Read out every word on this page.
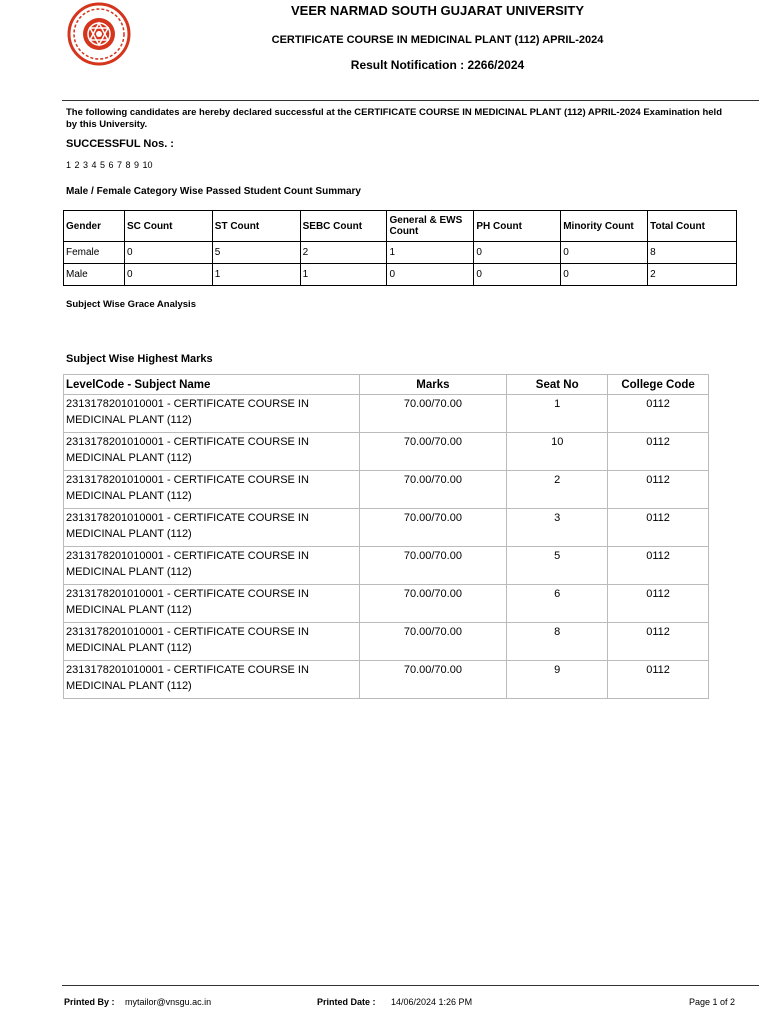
VEER NARMAD SOUTH GUJARAT UNIVERSITY
CERTIFICATE COURSE IN MEDICINAL PLANT (112) APRIL-2024
Result Notification : 2266/2024
The following candidates are hereby declared successful at the CERTIFICATE COURSE IN MEDICINAL PLANT (112) APRIL-2024 Examination held by this University.
SUCCESSFUL Nos. :
1 2 3 4 5 6 7 8 9 10
Male / Female Category Wise Passed Student Count Summary
Gender	SC Count	ST Count	SEBC Count	General & EWS Count	PH Count	Minority Count	Total Count
Female	0	5	2	1	0	0	8
Male	0	1	1	0	0	0	2
Subject Wise Grace Analysis
Subject Wise Highest Marks
LevelCode - Subject Name	Marks	Seat No	College Code
2313178201010001 - CERTIFICATE COURSE IN MEDICINAL PLANT (112)	70.00/70.00	1	0112
2313178201010001 - CERTIFICATE COURSE IN MEDICINAL PLANT (112)	70.00/70.00	10	0112
2313178201010001 - CERTIFICATE COURSE IN MEDICINAL PLANT (112)	70.00/70.00	2	0112
2313178201010001 - CERTIFICATE COURSE IN MEDICINAL PLANT (112)	70.00/70.00	3	0112
2313178201010001 - CERTIFICATE COURSE IN MEDICINAL PLANT (112)	70.00/70.00	5	0112
2313178201010001 - CERTIFICATE COURSE IN MEDICINAL PLANT (112)	70.00/70.00	6	0112
2313178201010001 - CERTIFICATE COURSE IN MEDICINAL PLANT (112)	70.00/70.00	8	0112
2313178201010001 - CERTIFICATE COURSE IN MEDICINAL PLANT (112)	70.00/70.00	9	0112
Printed By : mytailor@vnsgu.ac.in	Printed Date : 14/06/2024 1:26 PM	Page 1 of 2
